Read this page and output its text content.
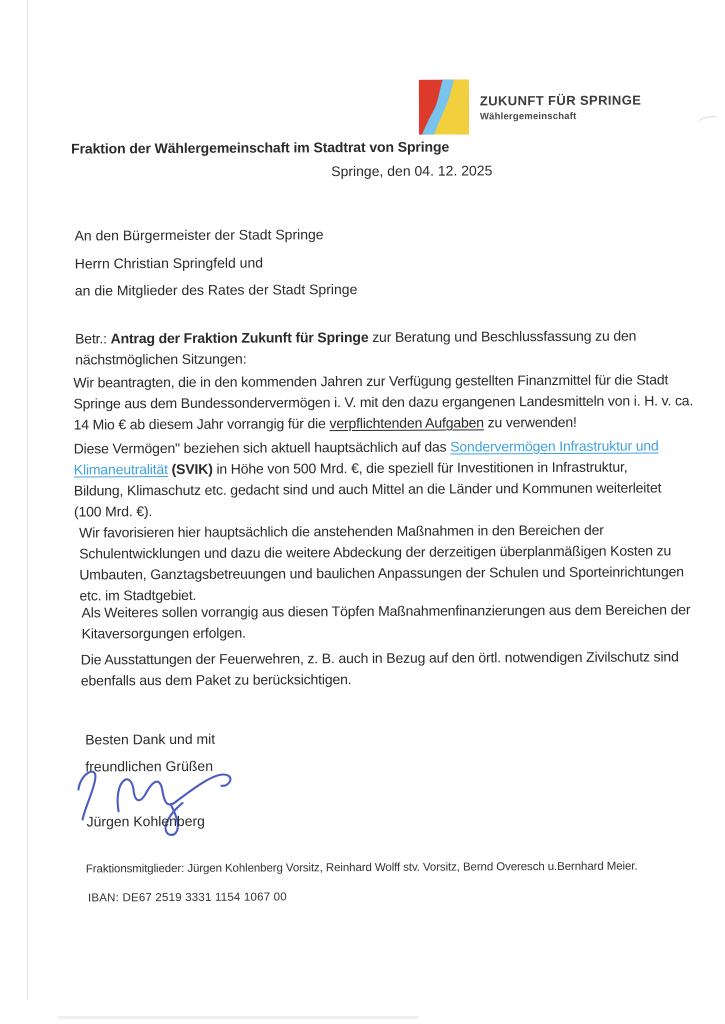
ZUKUNFT FÜR SPRINGE
Wählergemeinschaft
Fraktion der Wählergemeinschaft im Stadtrat von Springe
Springe, den 04. 12. 2025
An den Bürgermeister der Stadt Springe
Herrn Christian Springfeld und
an die Mitglieder des Rates der Stadt Springe
Betr.: Antrag der Fraktion Zukunft für Springe zur Beratung und Beschlussfassung zu den
nächstmöglichen Sitzungen:
Wir beantragten, die in den kommenden Jahren zur Verfügung gestellten Finanzmittel für die Stadt
Springe aus dem Bundessondervermögen i. V. mit den dazu ergangenen Landesmitteln von i. H. v. ca.
14 Mio € ab diesem Jahr vorrangig für die verpflichtenden Aufgaben zu verwenden!
Diese Vermögen" beziehen sich aktuell hauptsächlich auf das Sondervermögen Infrastruktur und
Klimaneutralität (SVIK) in Höhe von 500 Mrd. €, die speziell für Investitionen in Infrastruktur,
Bildung, Klimaschutz etc. gedacht sind und auch Mittel an die Länder und Kommunen weiterleitet
(100 Mrd. €).
Wir favorisieren hier hauptsächlich die anstehenden Maßnahmen in den Bereichen der
Schulentwicklungen und dazu die weitere Abdeckung der derzeitigen überplanmäßigen Kosten zu
Umbauten, Ganztagsbetreuungen und baulichen Anpassungen der Schulen und Sporteinrichtungen
etc. im Stadtgebiet.
Als Weiteres sollen vorrangig aus diesen Töpfen Maßnahmenfinanzierungen aus dem Bereichen der
Kitaversorgungen erfolgen.
Die Ausstattungen der Feuerwehren, z. B. auch in Bezug auf den örtl. notwendigen Zivilschutz sind
ebenfalls aus dem Paket zu berücksichtigen.
Besten Dank und mit
freundlichen Grüßen
Jürgen Kohlenberg
Fraktionsmitglieder: Jürgen Kohlenberg Vorsitz, Reinhard Wolff stv. Vorsitz, Bernd Overesch u.Bernhard Meier.
IBAN: DE67 2519 3331 1154 1067 00
